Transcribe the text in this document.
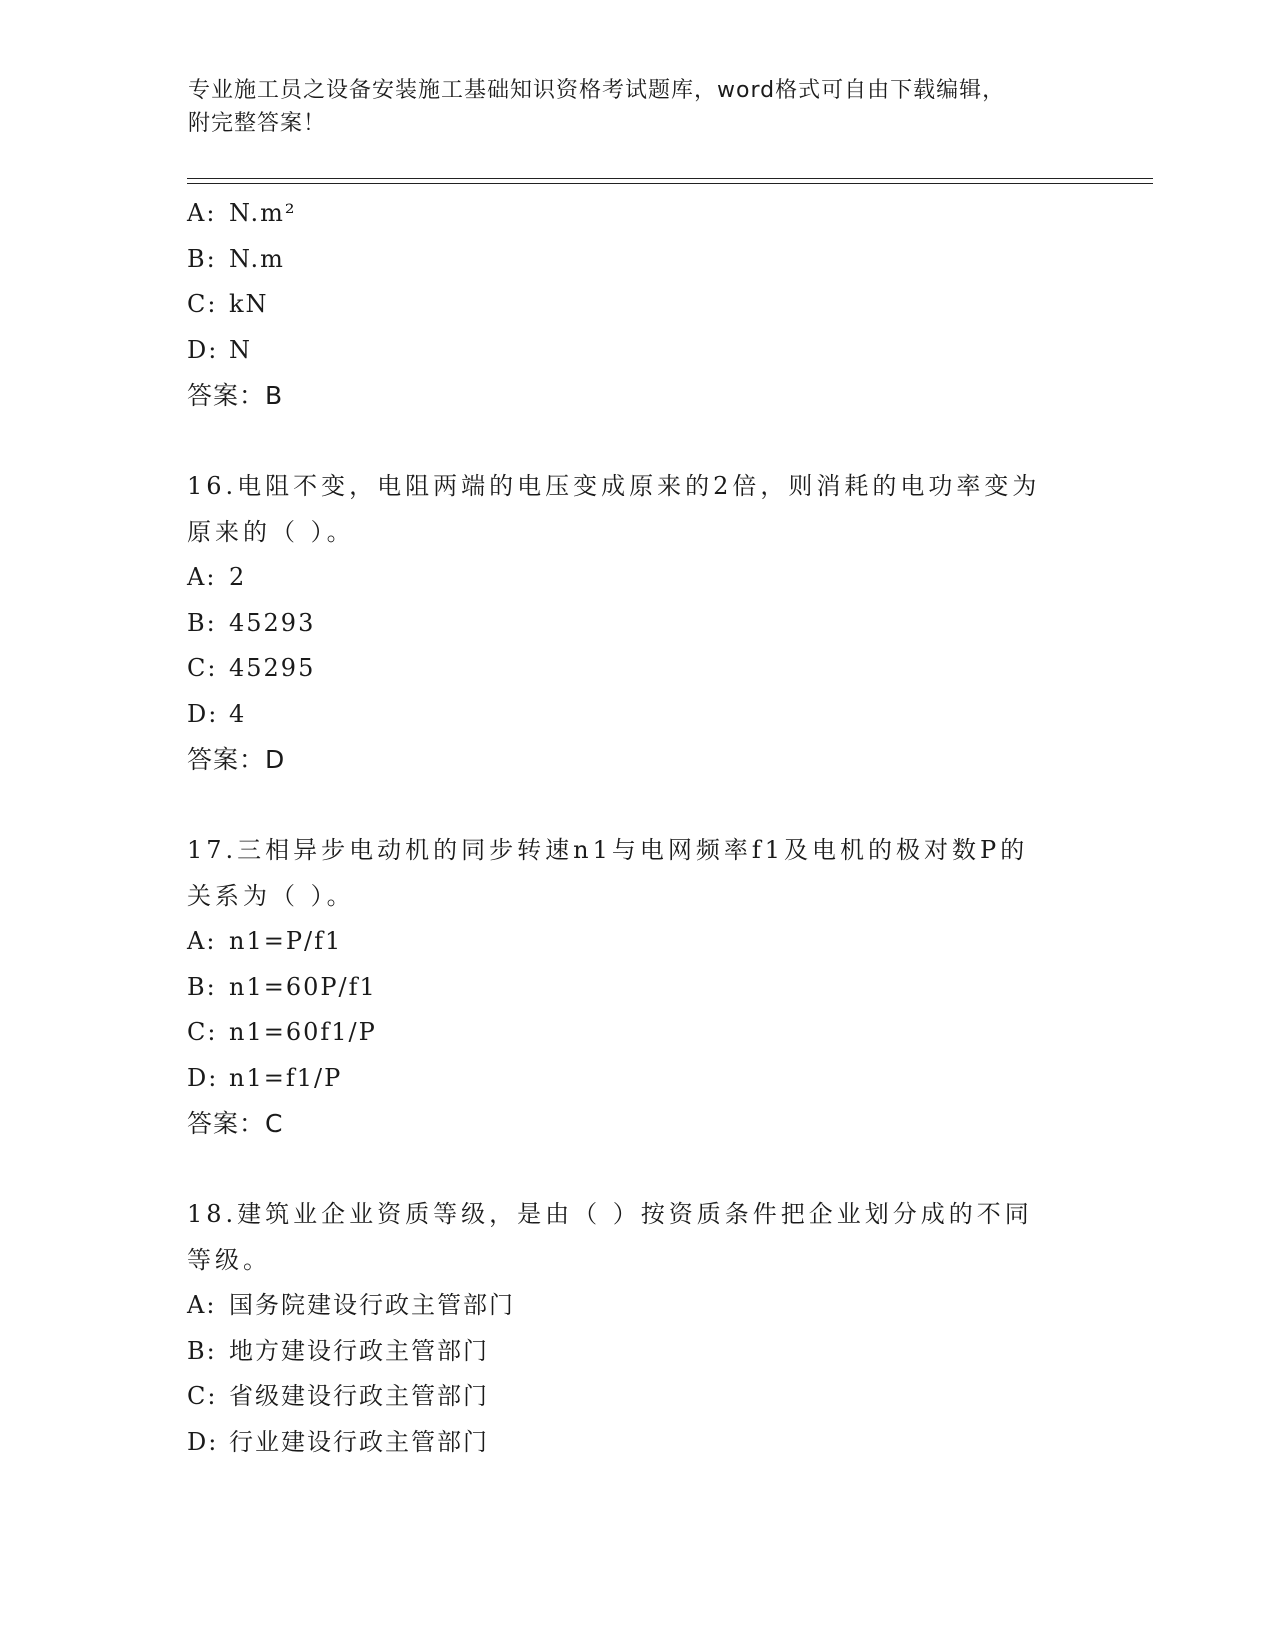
专业施工员之设备安装施工基础知识资格考试题库，word格式可自由下载编辑，
附完整答案！
A: N.m²
B: N.m
C: kN
D: N
答案：B
16.电阻不变，电阻两端的电压变成原来的2倍，则消耗的电功率变为
原来的（ ）。
A: 2
B: 45293
C: 45295
D: 4
答案：D
17.三相异步电动机的同步转速n1与电网频率f1及电机的极对数P的
关系为（ ）。
A: n1=P/f1
B: n1=60P/f1
C: n1=60f1/P
D: n1=f1/P
答案：C
18.建筑业企业资质等级，是由（ ）按资质条件把企业划分成的不同
等级。
A: 国务院建设行政主管部门
B: 地方建设行政主管部门
C: 省级建设行政主管部门
D: 行业建设行政主管部门
